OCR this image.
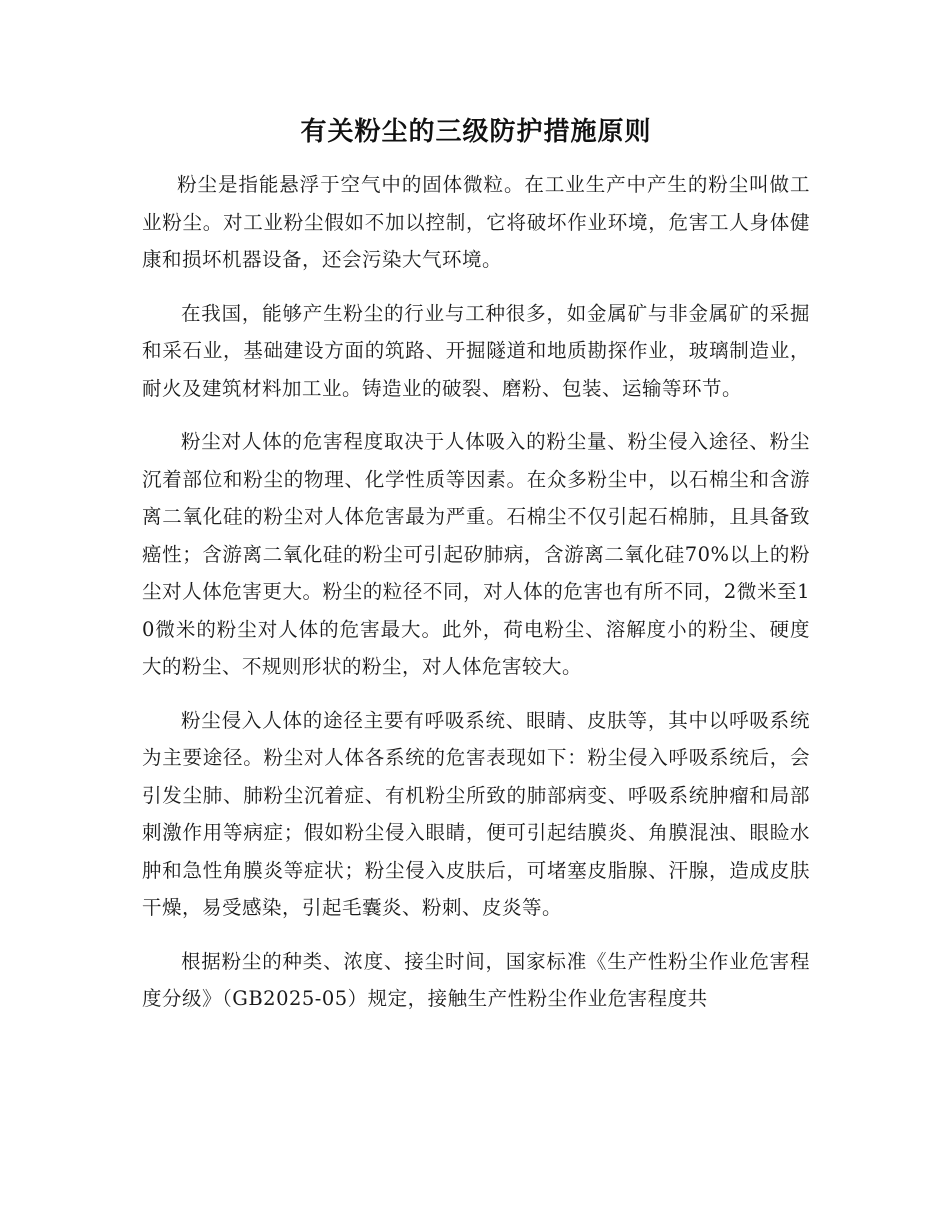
有关粉尘的三级防护措施原则

粉尘是指能悬浮于空气中的固体微粒。在工业生产中产生的粉尘叫做工业粉尘。对工业粉尘假如不加以控制，它将破坏作业环境，危害工人身体健康和损坏机器设备，还会污染大气环境。

在我国，能够产生粉尘的行业与工种很多，如金属矿与非金属矿的采掘和采石业，基础建设方面的筑路、开掘隧道和地质勘探作业，玻璃制造业，耐火及建筑材料加工业。铸造业的破裂、磨粉、包装、运输等环节。

粉尘对人体的危害程度取决于人体吸入的粉尘量、粉尘侵入途径、粉尘沉着部位和粉尘的物理、化学性质等因素。在众多粉尘中，以石棉尘和含游离二氧化硅的粉尘对人体危害最为严重。石棉尘不仅引起石棉肺，且具备致癌性；含游离二氧化硅的粉尘可引起矽肺病，含游离二氧化硅70%以上的粉尘对人体危害更大。粉尘的粒径不同，对人体的危害也有所不同，2微米至10微米的粉尘对人体的危害最大。此外，荷电粉尘、溶解度小的粉尘、硬度大的粉尘、不规则形状的粉尘，对人体危害较大。

粉尘侵入人体的途径主要有呼吸系统、眼睛、皮肤等，其中以呼吸系统为主要途径。粉尘对人体各系统的危害表现如下：粉尘侵入呼吸系统后，会引发尘肺、肺粉尘沉着症、有机粉尘所致的肺部病变、呼吸系统肿瘤和局部刺激作用等病症；假如粉尘侵入眼睛，便可引起结膜炎、角膜混浊、眼睑水肿和急性角膜炎等症状；粉尘侵入皮肤后，可堵塞皮脂腺、汗腺，造成皮肤干燥，易受感染，引起毛囊炎、粉刺、皮炎等。

根据粉尘的种类、浓度、接尘时间，国家标准《生产性粉尘作业危害程度分级》（GB2025-05）规定，接触生产性粉尘作业危害程度共
